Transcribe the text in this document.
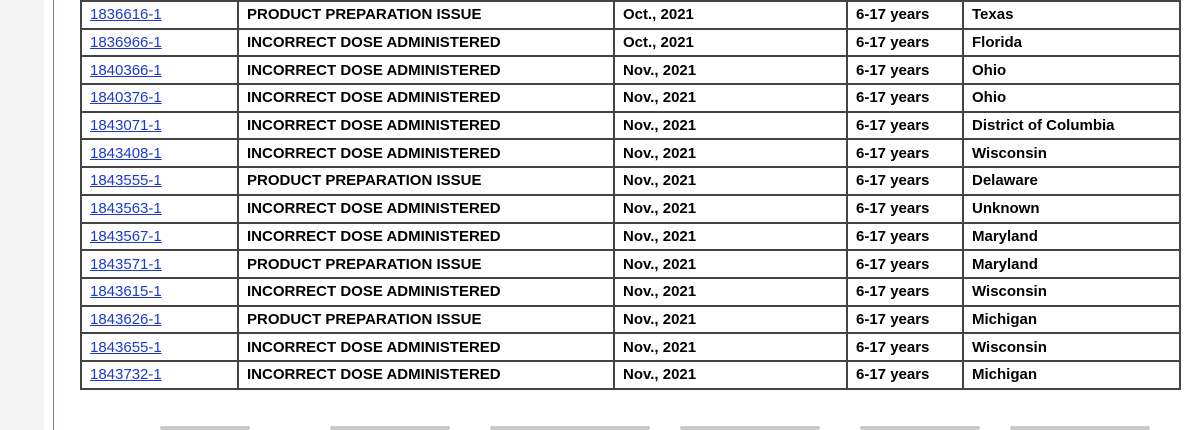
1836616-1	PRODUCT PREPARATION ISSUE	Oct., 2021	6-17 years	Texas
1836966-1	INCORRECT DOSE ADMINISTERED	Oct., 2021	6-17 years	Florida
1840366-1	INCORRECT DOSE ADMINISTERED	Nov., 2021	6-17 years	Ohio
1840376-1	INCORRECT DOSE ADMINISTERED	Nov., 2021	6-17 years	Ohio
1843071-1	INCORRECT DOSE ADMINISTERED	Nov., 2021	6-17 years	District of Columbia
1843408-1	INCORRECT DOSE ADMINISTERED	Nov., 2021	6-17 years	Wisconsin
1843555-1	PRODUCT PREPARATION ISSUE	Nov., 2021	6-17 years	Delaware
1843563-1	INCORRECT DOSE ADMINISTERED	Nov., 2021	6-17 years	Unknown
1843567-1	INCORRECT DOSE ADMINISTERED	Nov., 2021	6-17 years	Maryland
1843571-1	PRODUCT PREPARATION ISSUE	Nov., 2021	6-17 years	Maryland
1843615-1	INCORRECT DOSE ADMINISTERED	Nov., 2021	6-17 years	Wisconsin
1843626-1	PRODUCT PREPARATION ISSUE	Nov., 2021	6-17 years	Michigan
1843655-1	INCORRECT DOSE ADMINISTERED	Nov., 2021	6-17 years	Wisconsin
1843732-1	INCORRECT DOSE ADMINISTERED	Nov., 2021	6-17 years	Michigan
